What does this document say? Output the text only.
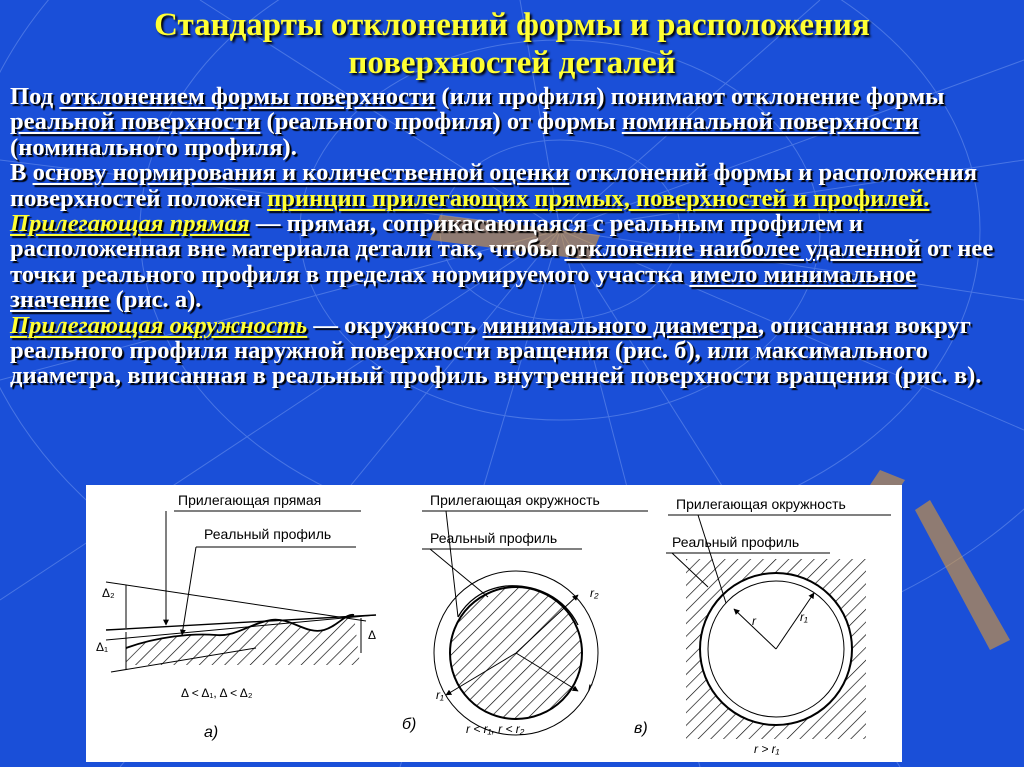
Стандарты отклонений формы и расположения
поверхностей деталей

Под отклонением формы поверхности (или профиля) понимают отклонение формы реальной поверхности (реального профиля) от формы номинальной поверхности (номинального профиля).

В основу нормирования и количественной оценки отклонений формы и расположения поверхностей положен принцип прилегающих прямых, поверхностей и профилей.

Прилегающая прямая — прямая, соприкасающаяся с реальным профилем и расположенная вне материала детали так, чтобы отклонение наиболее удаленной от нее точки реального профиля в пределах нормируемого участка имело минимальное значение (рис. а).

Прилегающая окружность — окружность минимального диаметра, описанная вокруг реального профиля наружной поверхности вращения (рис. б), или максимального диаметра, вписанная в реальный профиль внутренней поверхности вращения (рис. в).

Прилегающая прямая
Реальный профиль
Δ₂
Δ
Δ₁
Δ < Δ₁, Δ < Δ₂
а)
Прилегающая окружность
Реальный профиль
r₂
r
r₁
r < r₁, r < r₂
б)
Прилегающая окружность
Реальный профиль
r	r₁
r > r₁
в)
